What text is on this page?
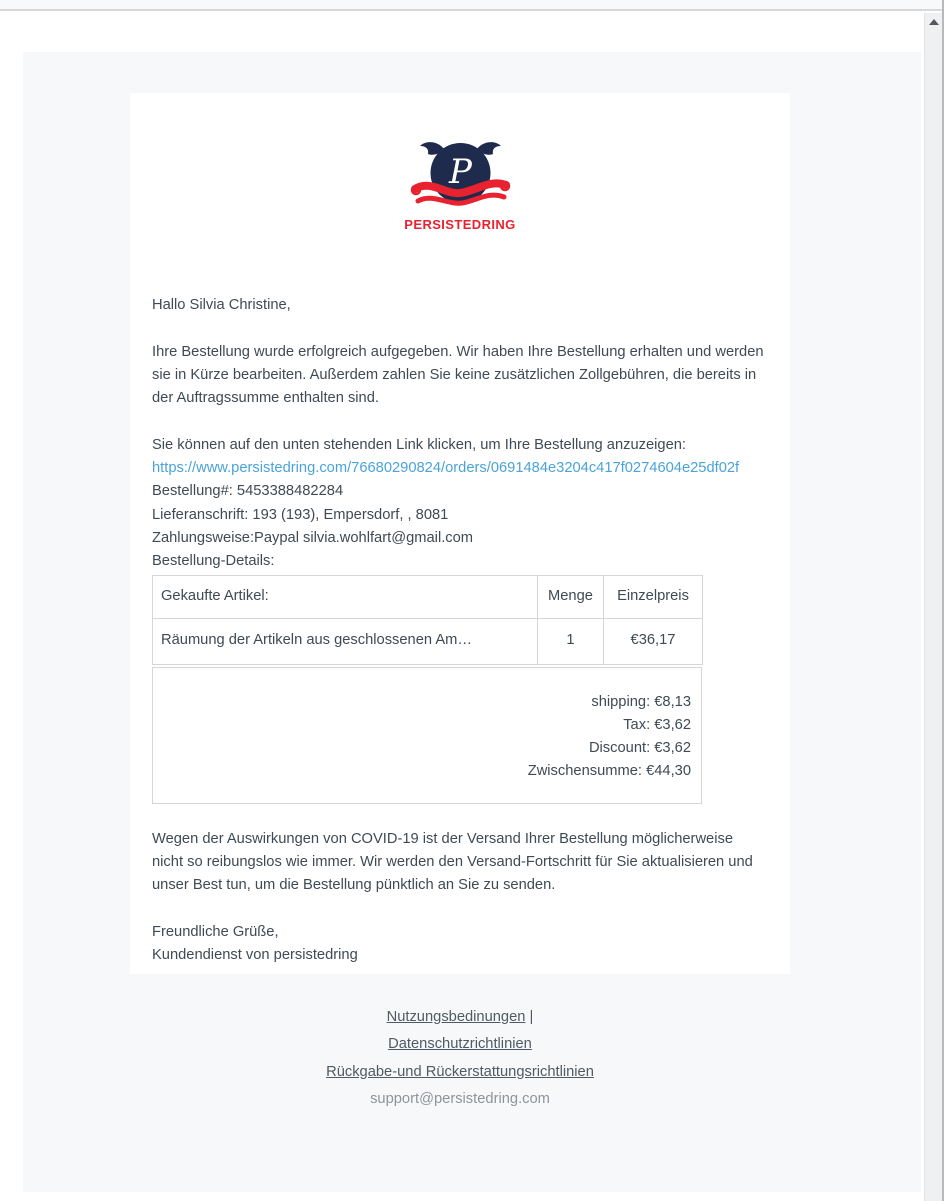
P
PERSISTEDRING
Hallo Silvia Christine,

Ihre Bestellung wurde erfolgreich aufgegeben. Wir haben Ihre Bestellung erhalten und werden sie in Kürze bearbeiten. Außerdem zahlen Sie keine zusätzlichen Zollgebühren, die bereits in der Auftragssumme enthalten sind.

Sie können auf den unten stehenden Link klicken, um Ihre Bestellung anzuzeigen:
https://www.persistedring.com/76680290824/orders/0691484e3204c417f0274604e25df02f
Bestellung#: 5453388482284
Lieferanschrift: 193 (193), Empersdorf, , 8081
Zahlungsweise:Paypal silvia.wohlfart@gmail.com
Bestellung-Details:
Gekaufte Artikel:	Menge	Einzelpreis
Räumung der Artikeln aus geschlossenen Am…	1	€36,17
shipping: €8,13
Tax: €3,62
Discount: €3,62
Zwischensumme: €44,30

Wegen der Auswirkungen von COVID-19 ist der Versand Ihrer Bestellung möglicherweise nicht so reibungslos wie immer. Wir werden den Versand-Fortschritt für Sie aktualisieren und unser Best tun, um die Bestellung pünktlich an Sie zu senden.

Freundliche Grüße,
Kundendienst von persistedring
Nutzungsbedinungen |
Datenschutzrichtlinien
Rückgabe-und Rückerstattungsrichtlinien
support@persistedring.com
